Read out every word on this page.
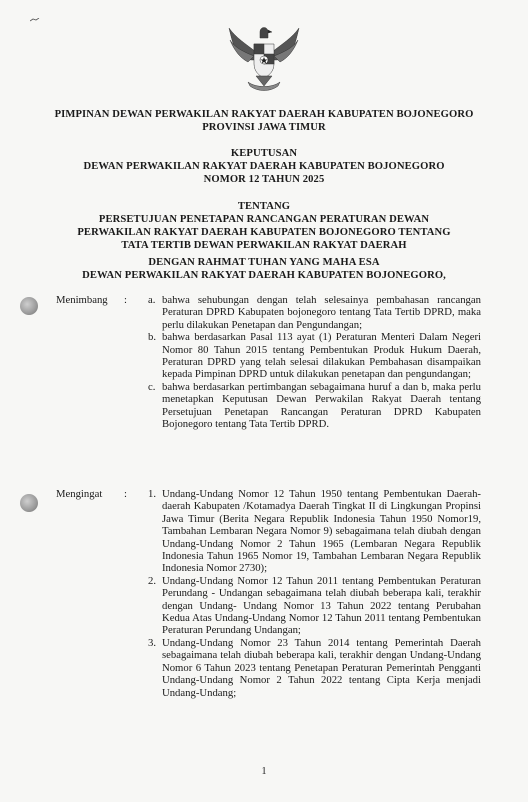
PIMPINAN DEWAN PERWAKILAN RAKYAT DAERAH KABUPATEN BOJONEGORO
PROVINSI JAWA TIMUR
KEPUTUSAN
DEWAN PERWAKILAN RAKYAT DAERAH KABUPATEN BOJONEGORO
NOMOR 12 TAHUN 2025
TENTANG
PERSETUJUAN PENETAPAN RANCANGAN PERATURAN DEWAN
PERWAKILAN RAKYAT DAERAH KABUPATEN BOJONEGORO TENTANG
TATA TERTIB DEWAN PERWAKILAN RAKYAT DAERAH
DENGAN RAHMAT TUHAN YANG MAHA ESA
DEWAN PERWAKILAN RAKYAT DAERAH KABUPATEN BOJONEGORO,
Menimbang : a. bahwa sehubungan dengan telah selesainya pembahasan rancangan Peraturan DPRD Kabupaten bojonegoro tentang Tata Tertib DPRD, maka perlu dilakukan Penetapan dan Pengundangan;
b. bahwa berdasarkan Pasal 113 ayat (1) Peraturan Menteri Dalam Negeri Nomor 80 Tahun 2015 tentang Pembentukan Produk Hukum Daerah, Peraturan DPRD yang telah selesai dilakukan Pembahasan disampaikan kepada Pimpinan DPRD untuk dilakukan penetapan dan pengundangan;
c. bahwa berdasarkan pertimbangan sebagaimana huruf a dan b, maka perlu menetapkan Keputusan Dewan Perwakilan Rakyat Daerah tentang Persetujuan Penetapan Rancangan Peraturan DPRD Kabupaten Bojonegoro tentang Tata Tertib DPRD.
Mengingat : 1. Undang-Undang Nomor 12 Tahun 1950 tentang Pembentukan Daerah-daerah Kabupaten /Kotamadya Daerah Tingkat II di Lingkungan Propinsi Jawa Timur (Berita Negara Republik Indonesia Tahun 1950 Nomor19, Tambahan Lembaran Negara Nomor 9) sebagaimana telah diubah dengan Undang-Undang Nomor 2 Tahun 1965 (Lembaran Negara Republik Indonesia Tahun 1965 Nomor 19, Tambahan Lembaran Negara Republik Indonesia Nomor 2730);
2. Undang-Undang Nomor 12 Tahun 2011 tentang Pembentukan Peraturan Perundang - Undangan sebagaimana telah diubah beberapa kali, terakhir dengan Undang- Undang Nomor 13 Tahun 2022 tentang Perubahan Kedua Atas Undang-Undang Nomor 12 Tahun 2011 tentang Pembentukan Peraturan Perundang Undangan;
3. Undang-Undang Nomor 23 Tahun 2014 tentang Pemerintah Daerah sebagaimana telah diubah beberapa kali, terakhir dengan Undang-Undang Nomor 6 Tahun 2023 tentang Penetapan Peraturan Pemerintah Pengganti Undang-Undang Nomor 2 Tahun 2022 tentang Cipta Kerja menjadi Undang-Undang;
1
